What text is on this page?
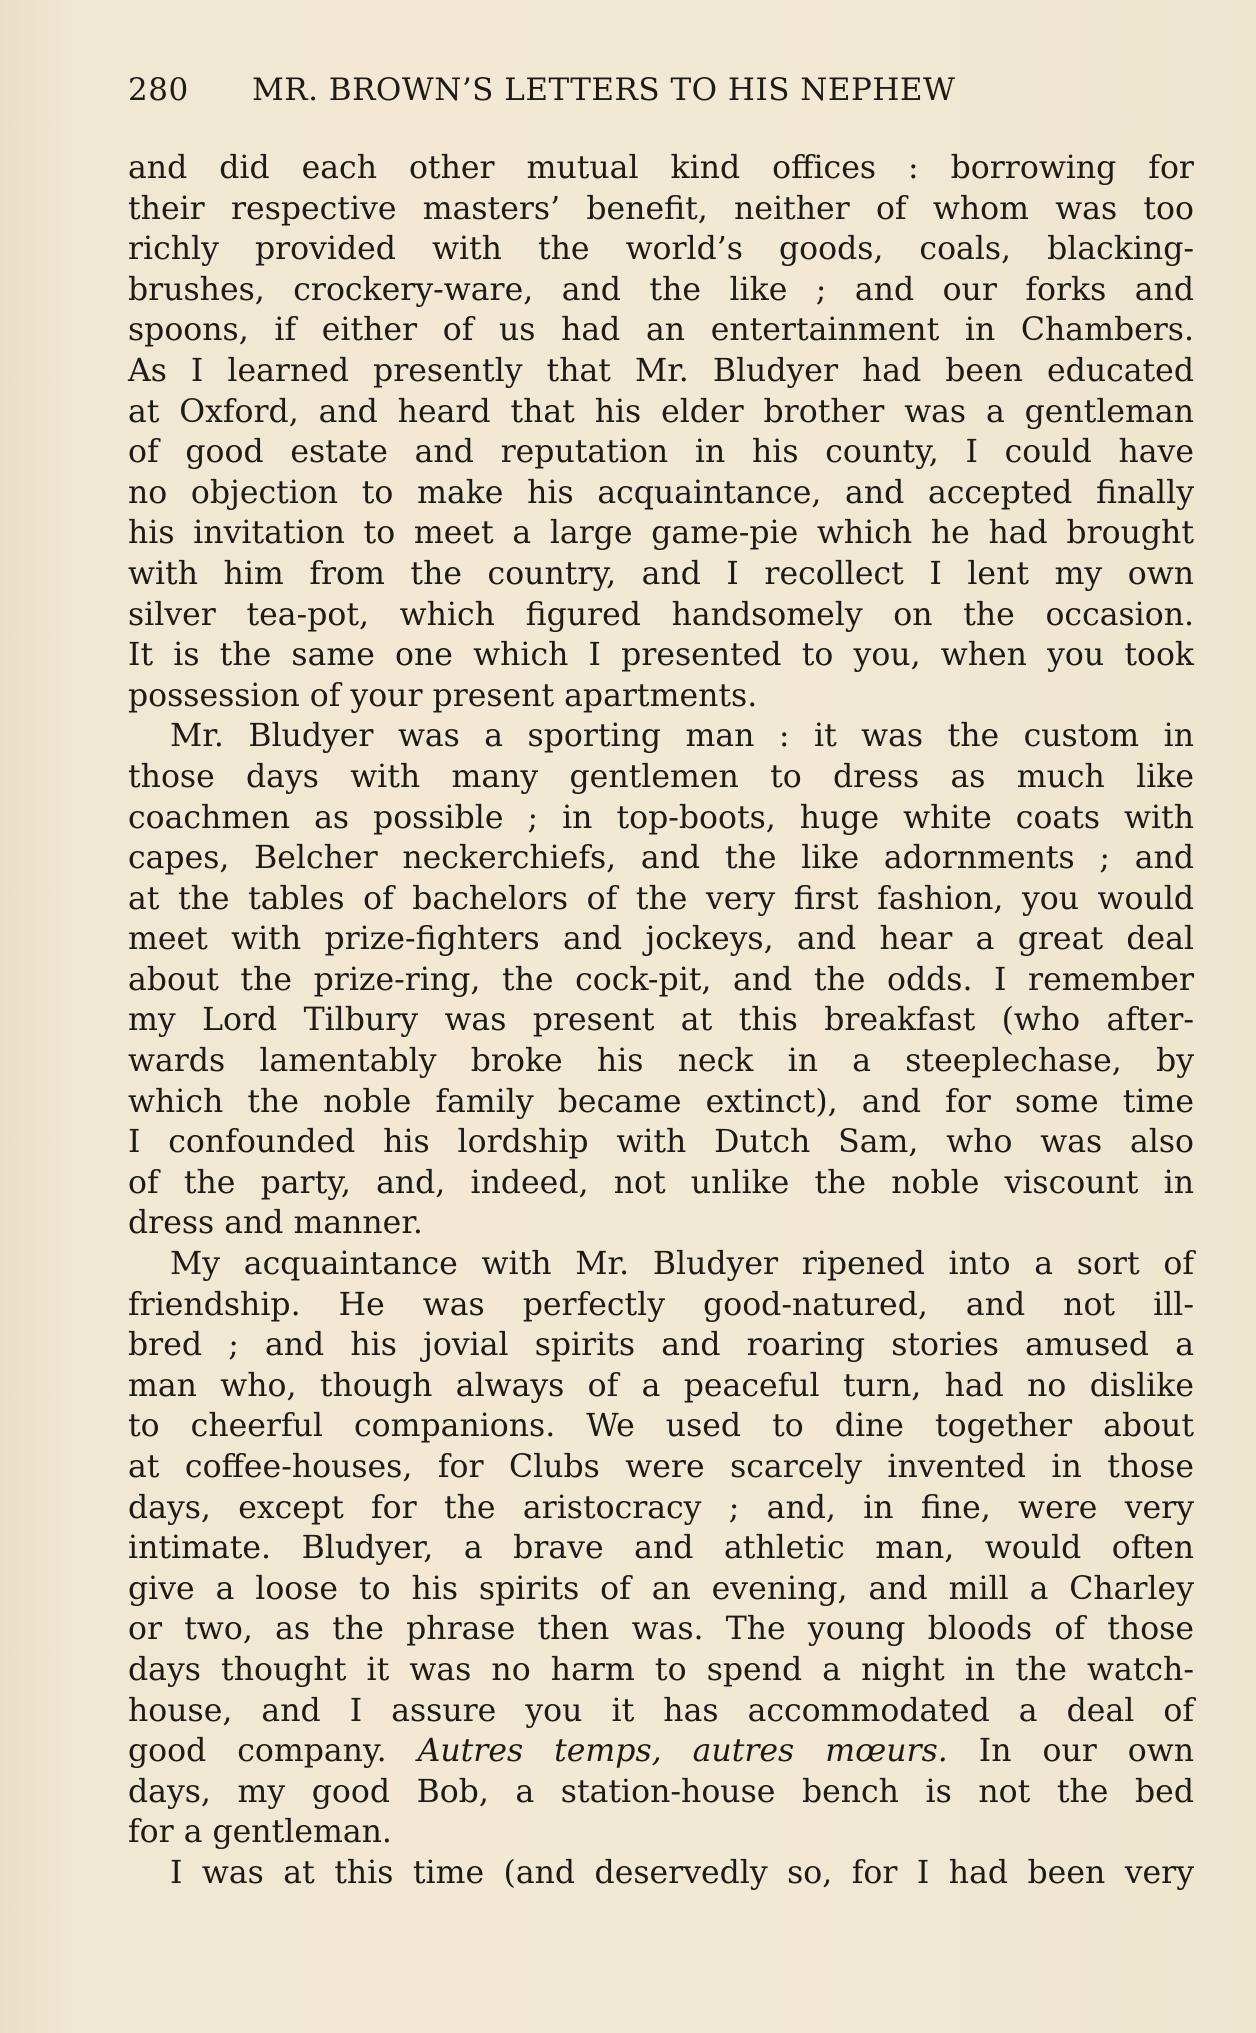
280 MR. BROWN’S LETTERS TO HIS NEPHEW
and did each other mutual kind offices : borrowing for
their respective masters’ benefit, neither of whom was too
richly provided with the world’s goods, coals, blacking-
brushes, crockery-ware, and the like ; and our forks and
spoons, if either of us had an entertainment in Chambers.
As I learned presently that Mr. Bludyer had been educated
at Oxford, and heard that his elder brother was a gentleman
of good estate and reputation in his county, I could have
no objection to make his acquaintance, and accepted finally
his invitation to meet a large game-pie which he had brought
with him from the country, and I recollect I lent my own
silver tea-pot, which figured handsomely on the occasion.
It is the same one which I presented to you, when you took
possession of your present apartments.
Mr. Bludyer was a sporting man : it was the custom in
those days with many gentlemen to dress as much like
coachmen as possible ; in top-boots, huge white coats with
capes, Belcher neckerchiefs, and the like adornments ; and
at the tables of bachelors of the very first fashion, you would
meet with prize-fighters and jockeys, and hear a great deal
about the prize-ring, the cock-pit, and the odds. I remember
my Lord Tilbury was present at this breakfast (who after-
wards lamentably broke his neck in a steeplechase, by
which the noble family became extinct), and for some time
I confounded his lordship with Dutch Sam, who was also
of the party, and, indeed, not unlike the noble viscount in
dress and manner.
My acquaintance with Mr. Bludyer ripened into a sort of
friendship. He was perfectly good-natured, and not ill-
bred ; and his jovial spirits and roaring stories amused a
man who, though always of a peaceful turn, had no dislike
to cheerful companions. We used to dine together about
at coffee-houses, for Clubs were scarcely invented in those
days, except for the aristocracy ; and, in fine, were very
intimate. Bludyer, a brave and athletic man, would often
give a loose to his spirits of an evening, and mill a Charley
or two, as the phrase then was. The young bloods of those
days thought it was no harm to spend a night in the watch-
house, and I assure you it has accommodated a deal of
good company. Autres temps, autres mœurs. In our own
days, my good Bob, a station-house bench is not the bed
for a gentleman.
I was at this time (and deservedly so, for I had been very
